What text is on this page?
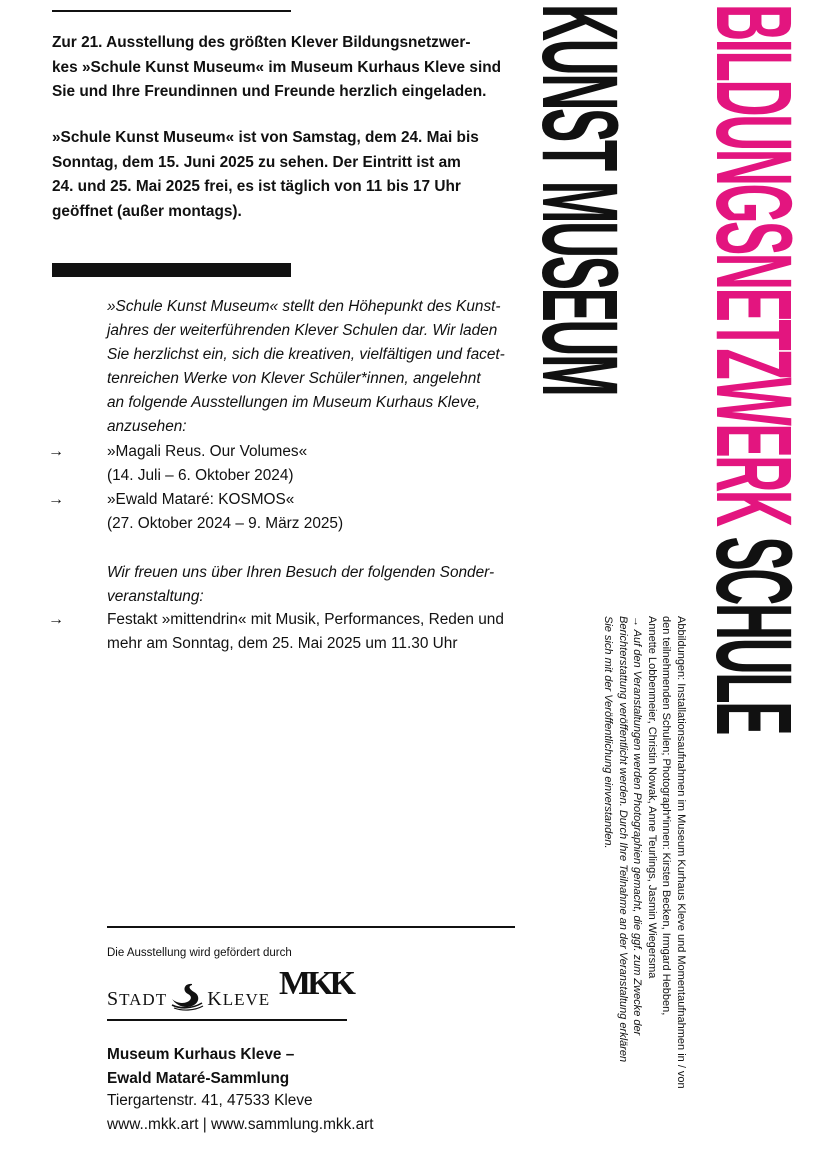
Zur 21. Ausstellung des größten Klever Bildungsnetzwer-

kes »Schule Kunst Museum« im Museum Kurhaus Kleve sind

Sie und Ihre Freundinnen und Freunde herzlich eingeladen.

»Schule Kunst Museum« ist von Samstag, dem 24. Mai bis

Sonntag, dem 15. Juni 2025 zu sehen. Der Eintritt ist am

24. und 25. Mai 2025 frei, es ist täglich von 11 bis 17 Uhr

geöffnet (außer montags).

»Schule Kunst Museum« stellt den Höhepunkt des Kunst-

jahres der weiterführenden Klever Schulen dar. Wir laden

Sie herzlichst ein, sich die kreativen, vielfältigen und facet-

tenreichen Werke von Klever Schüler*innen, angelehnt

an folgende Ausstellungen im Museum Kurhaus Kleve,

anzusehen:

→	»Magali Reus. Our Volumes«
(14. Juli – 6. Oktober 2024)
→	»Ewald Mataré: KOSMOS«
(27. Oktober 2024 – 9. März 2025)

Wir freuen uns über Ihren Besuch der folgenden Sonder-

veranstaltung:

→	Festakt »mittendrin« mit Musik, Performances, Reden und
mehr am Sonntag, dem 25. Mai 2025 um 11.30 Uhr
Die Ausstellung wird gefördert durch
STADT KLEVE MKK
Museum Kurhaus Kleve –
Ewald Mataré-Sammlung
Tiergartenstr. 41, 47533 Kleve
www..mkk.art | www.sammlung.mkk.art
BILDUNGSNETZWERK SCHULE
KUNST MUSEUM

Abbildungen: Installationsaufnahmen im Museum Kurhaus Kleve und Momentaufnahmen in / von

den teilnehmenden Schulen; Photograph*innen: Kirsten Becken, Irmgard Hebben,

Annette Lobbenmeier, Christin Nowak, Anne Teurlings, Jasmin Wiegersma

→ Auf den Veranstaltungen werden Photographien gemacht, die ggf. zum Zwecke der

Berichterstattung veröffentlicht werden. Durch Ihre Teilnahme an der Veranstaltung erklären

Sie sich mit der Veröffentlichung einverstanden.
